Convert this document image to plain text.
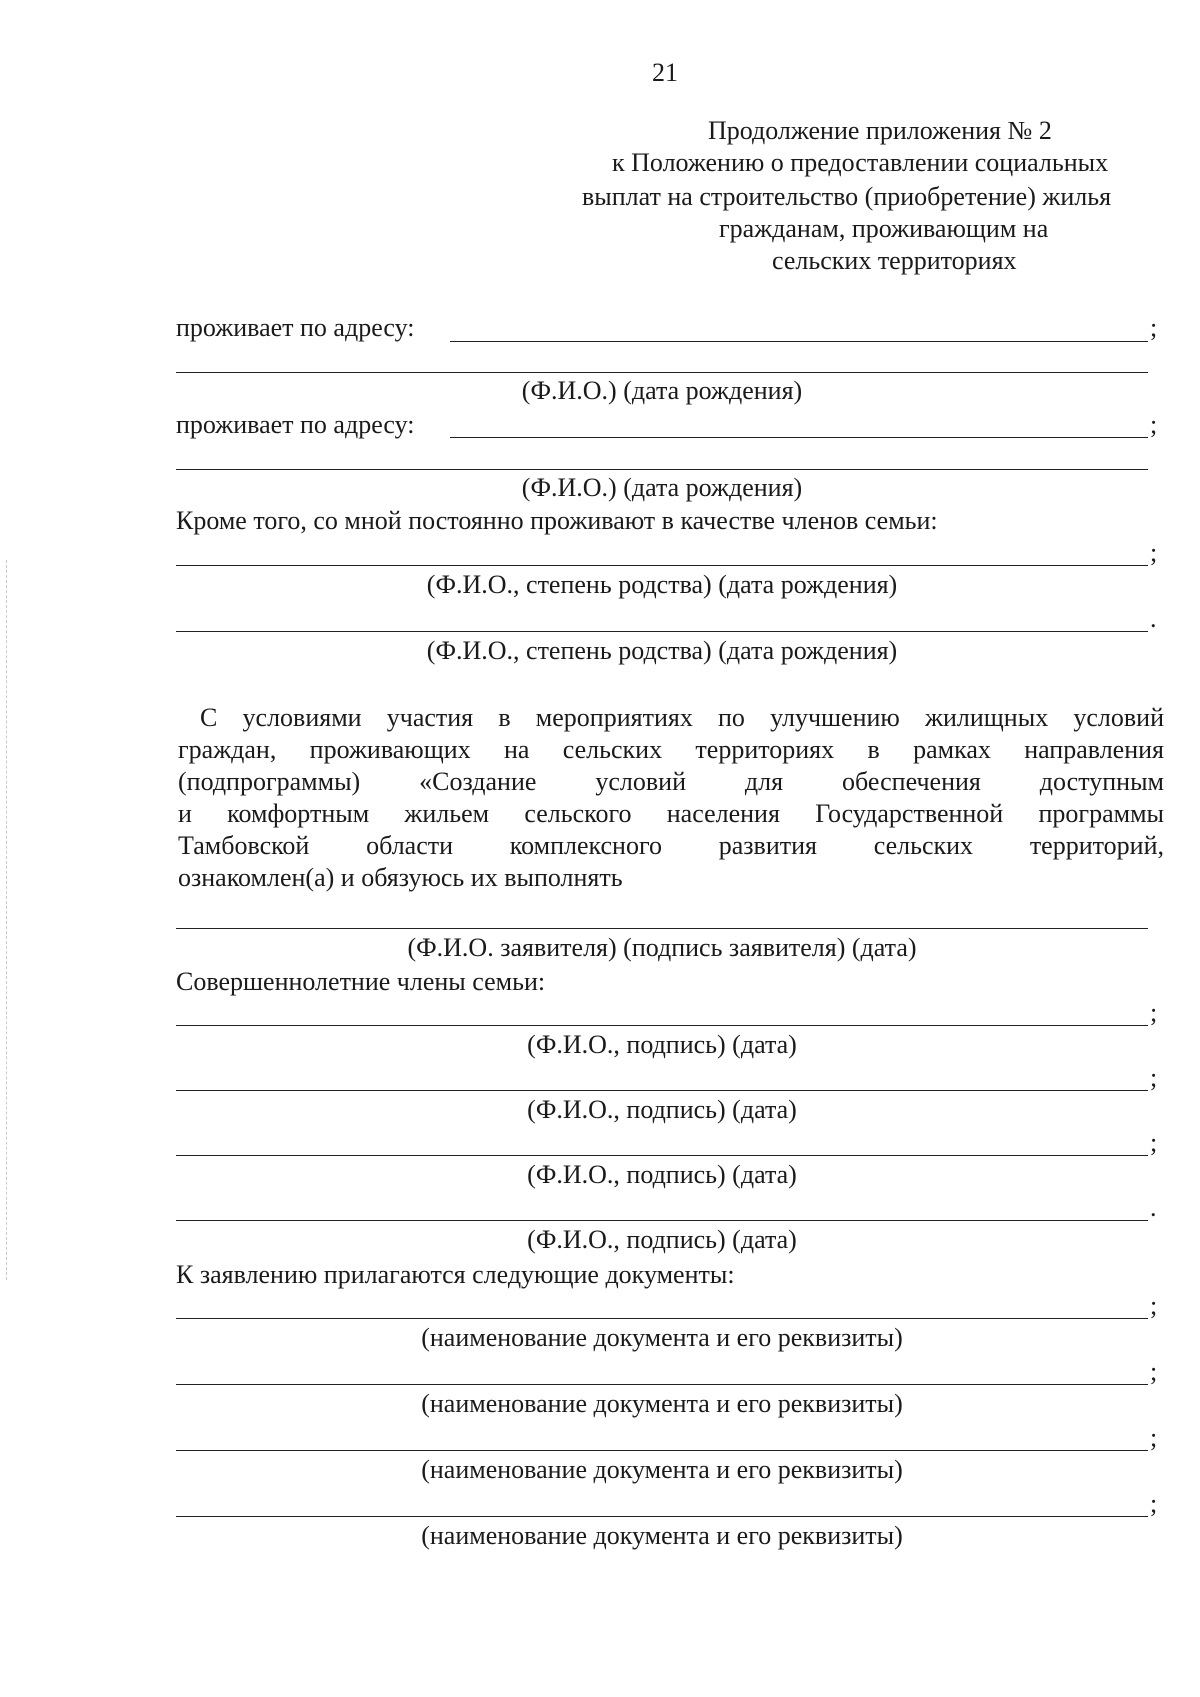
21
Продолжение приложения № 2
к Положению о предоставлении социальных
выплат на строительство (приобретение) жилья
гражданам, проживающим на
сельских территориях
проживает по адресу:	;
(Ф.И.О.) (дата рождения)
проживает по адресу:	;
(Ф.И.О.) (дата рождения)
Кроме того, со мной постоянно проживают в качестве членов семьи:
;
(Ф.И.О., степень родства) (дата рождения)
.
(Ф.И.О., степень родства) (дата рождения)
С условиями участия в мероприятиях по улучшению жилищных условий
граждан, проживающих на сельских территориях в рамках направления
(подпрограммы) «Создание условий для обеспечения доступным
и комфортным жильем сельского населения Государственной программы
Тамбовской области комплексного развития сельских территорий,
ознакомлен(а) и обязуюсь их выполнять
(Ф.И.О. заявителя) (подпись заявителя) (дата)
Совершеннолетние члены семьи:
;
(Ф.И.О., подпись) (дата)
;
(Ф.И.О., подпись) (дата)
;
(Ф.И.О., подпись) (дата)
.
(Ф.И.О., подпись) (дата)
К заявлению прилагаются следующие документы:
;
(наименование документа и его реквизиты)
;
(наименование документа и его реквизиты)
;
(наименование документа и его реквизиты)
;
(наименование документа и его реквизиты)
